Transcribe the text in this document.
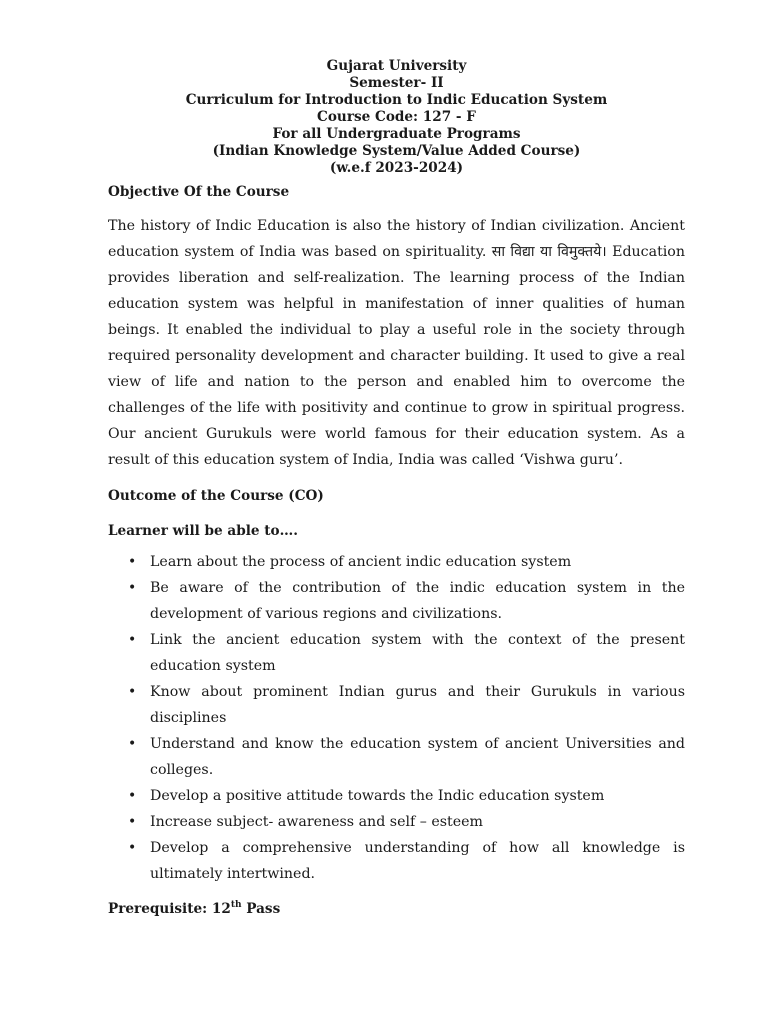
Gujarat University
Semester- II
Curriculum for Introduction to Indic Education System
Course Code: 127 - F
For all Undergraduate Programs
(Indian Knowledge System/Value Added Course)
(w.e.f 2023-2024)
Objective Of the Course

The history of Indic Education is also the history of Indian civilization. Ancient education system of India was based on spirituality. सा विद्या या विमुक्तये। Education provides liberation and self-realization. The learning process of the Indian education system was helpful in manifestation of inner qualities of human beings. It enabled the individual to play a useful role in the society through required personality development and character building. It used to give a real view of life and nation to the person and enabled him to overcome the challenges of the life with positivity and continue to grow in spiritual progress. Our ancient Gurukuls were world famous for their education system. As a result of this education system of India, India was called ‘Vishwa guru’.

Outcome of the Course (CO)
Learner will be able to….
• Learn about the process of ancient indic education system
• Be aware of the contribution of the indic education system in the development of various regions and civilizations.
• Link the ancient education system with the context of the present education system
• Know about prominent Indian gurus and their Gurukuls in various disciplines
• Understand and know the education system of ancient Universities and colleges.
• Develop a positive attitude towards the Indic education system
• Increase subject- awareness and self – esteem
• Develop a comprehensive understanding of how all knowledge is ultimately intertwined.
Prerequisite: 12th Pass
